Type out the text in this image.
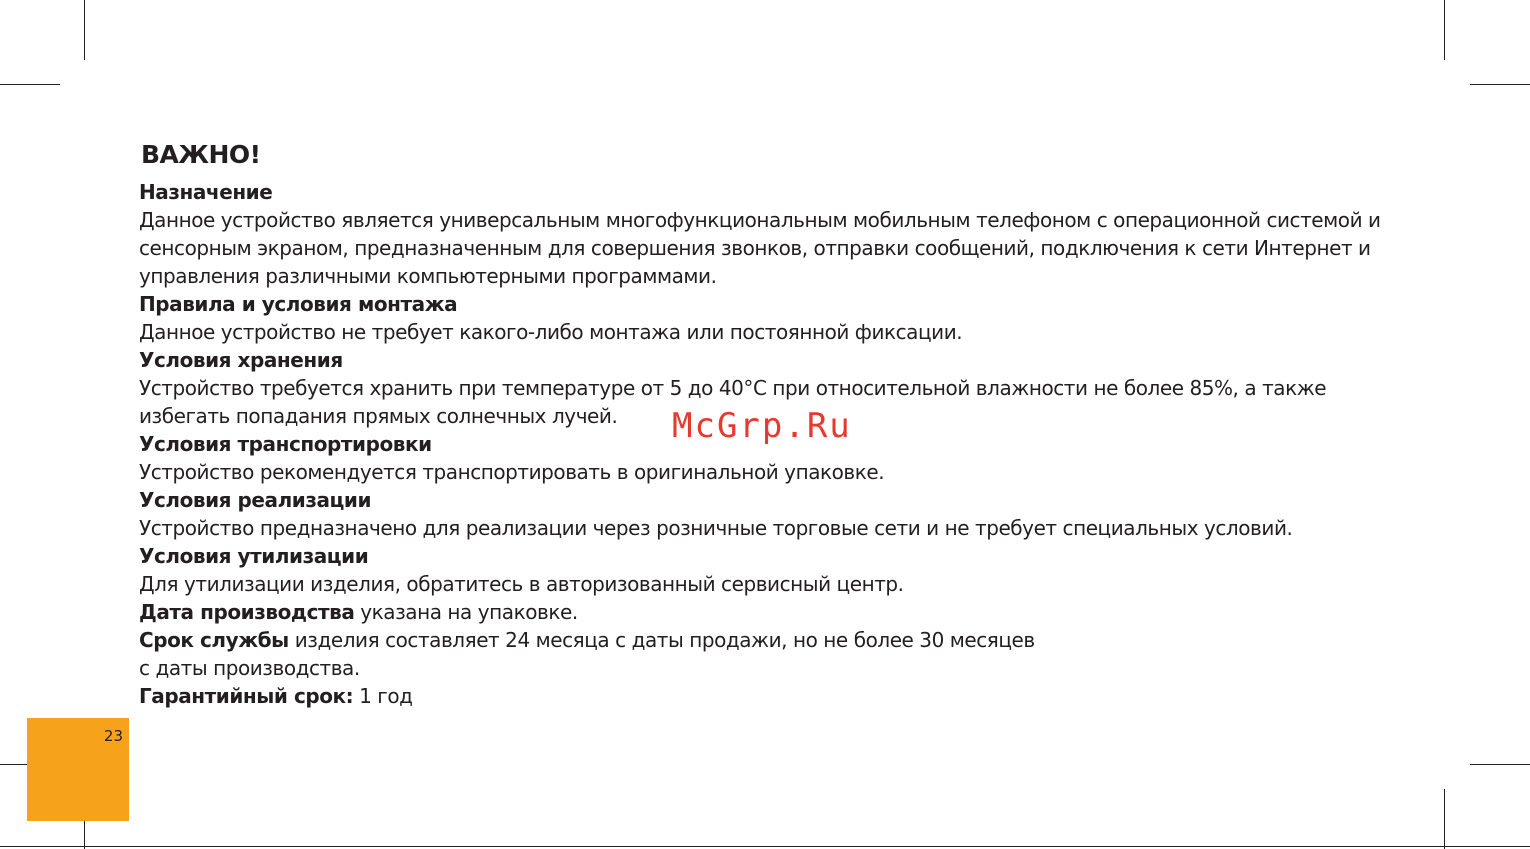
23
ВАЖНО!
Назначение

Данное устройство является универсальным многофункциональным мобильным телефоном с операционной системой и сенсорным экраном, предназначенным для совершения звонков, отправки сообщений, подключения к сети Интернет и управления различными компьютерными программами.

Правила и условия монтажа

Данное устройство не требует какого-либо монтажа или постоянной фиксации.

Условия хранения

Устройство требуется хранить при температуре от 5 до 40°С при относительной влажности не более 85%, а также избегать попадания прямых солнечных лучей.

Условия транспортировки

Устройство рекомендуется транспортировать в оригинальной упаковке.

Условия реализации

Устройство предназначено для реализации через розничные торговые сети и не требует специальных условий.

Условия утилизации

Для утилизации изделия, обратитесь в авторизованный сервисный центр.

Дата производства указана на упаковке.

Срок службы изделия составляет 24 месяца с даты продажи, но не более 30 месяцев

с даты производства.

Гарантийный срок: 1 год

McGrp.Ru
